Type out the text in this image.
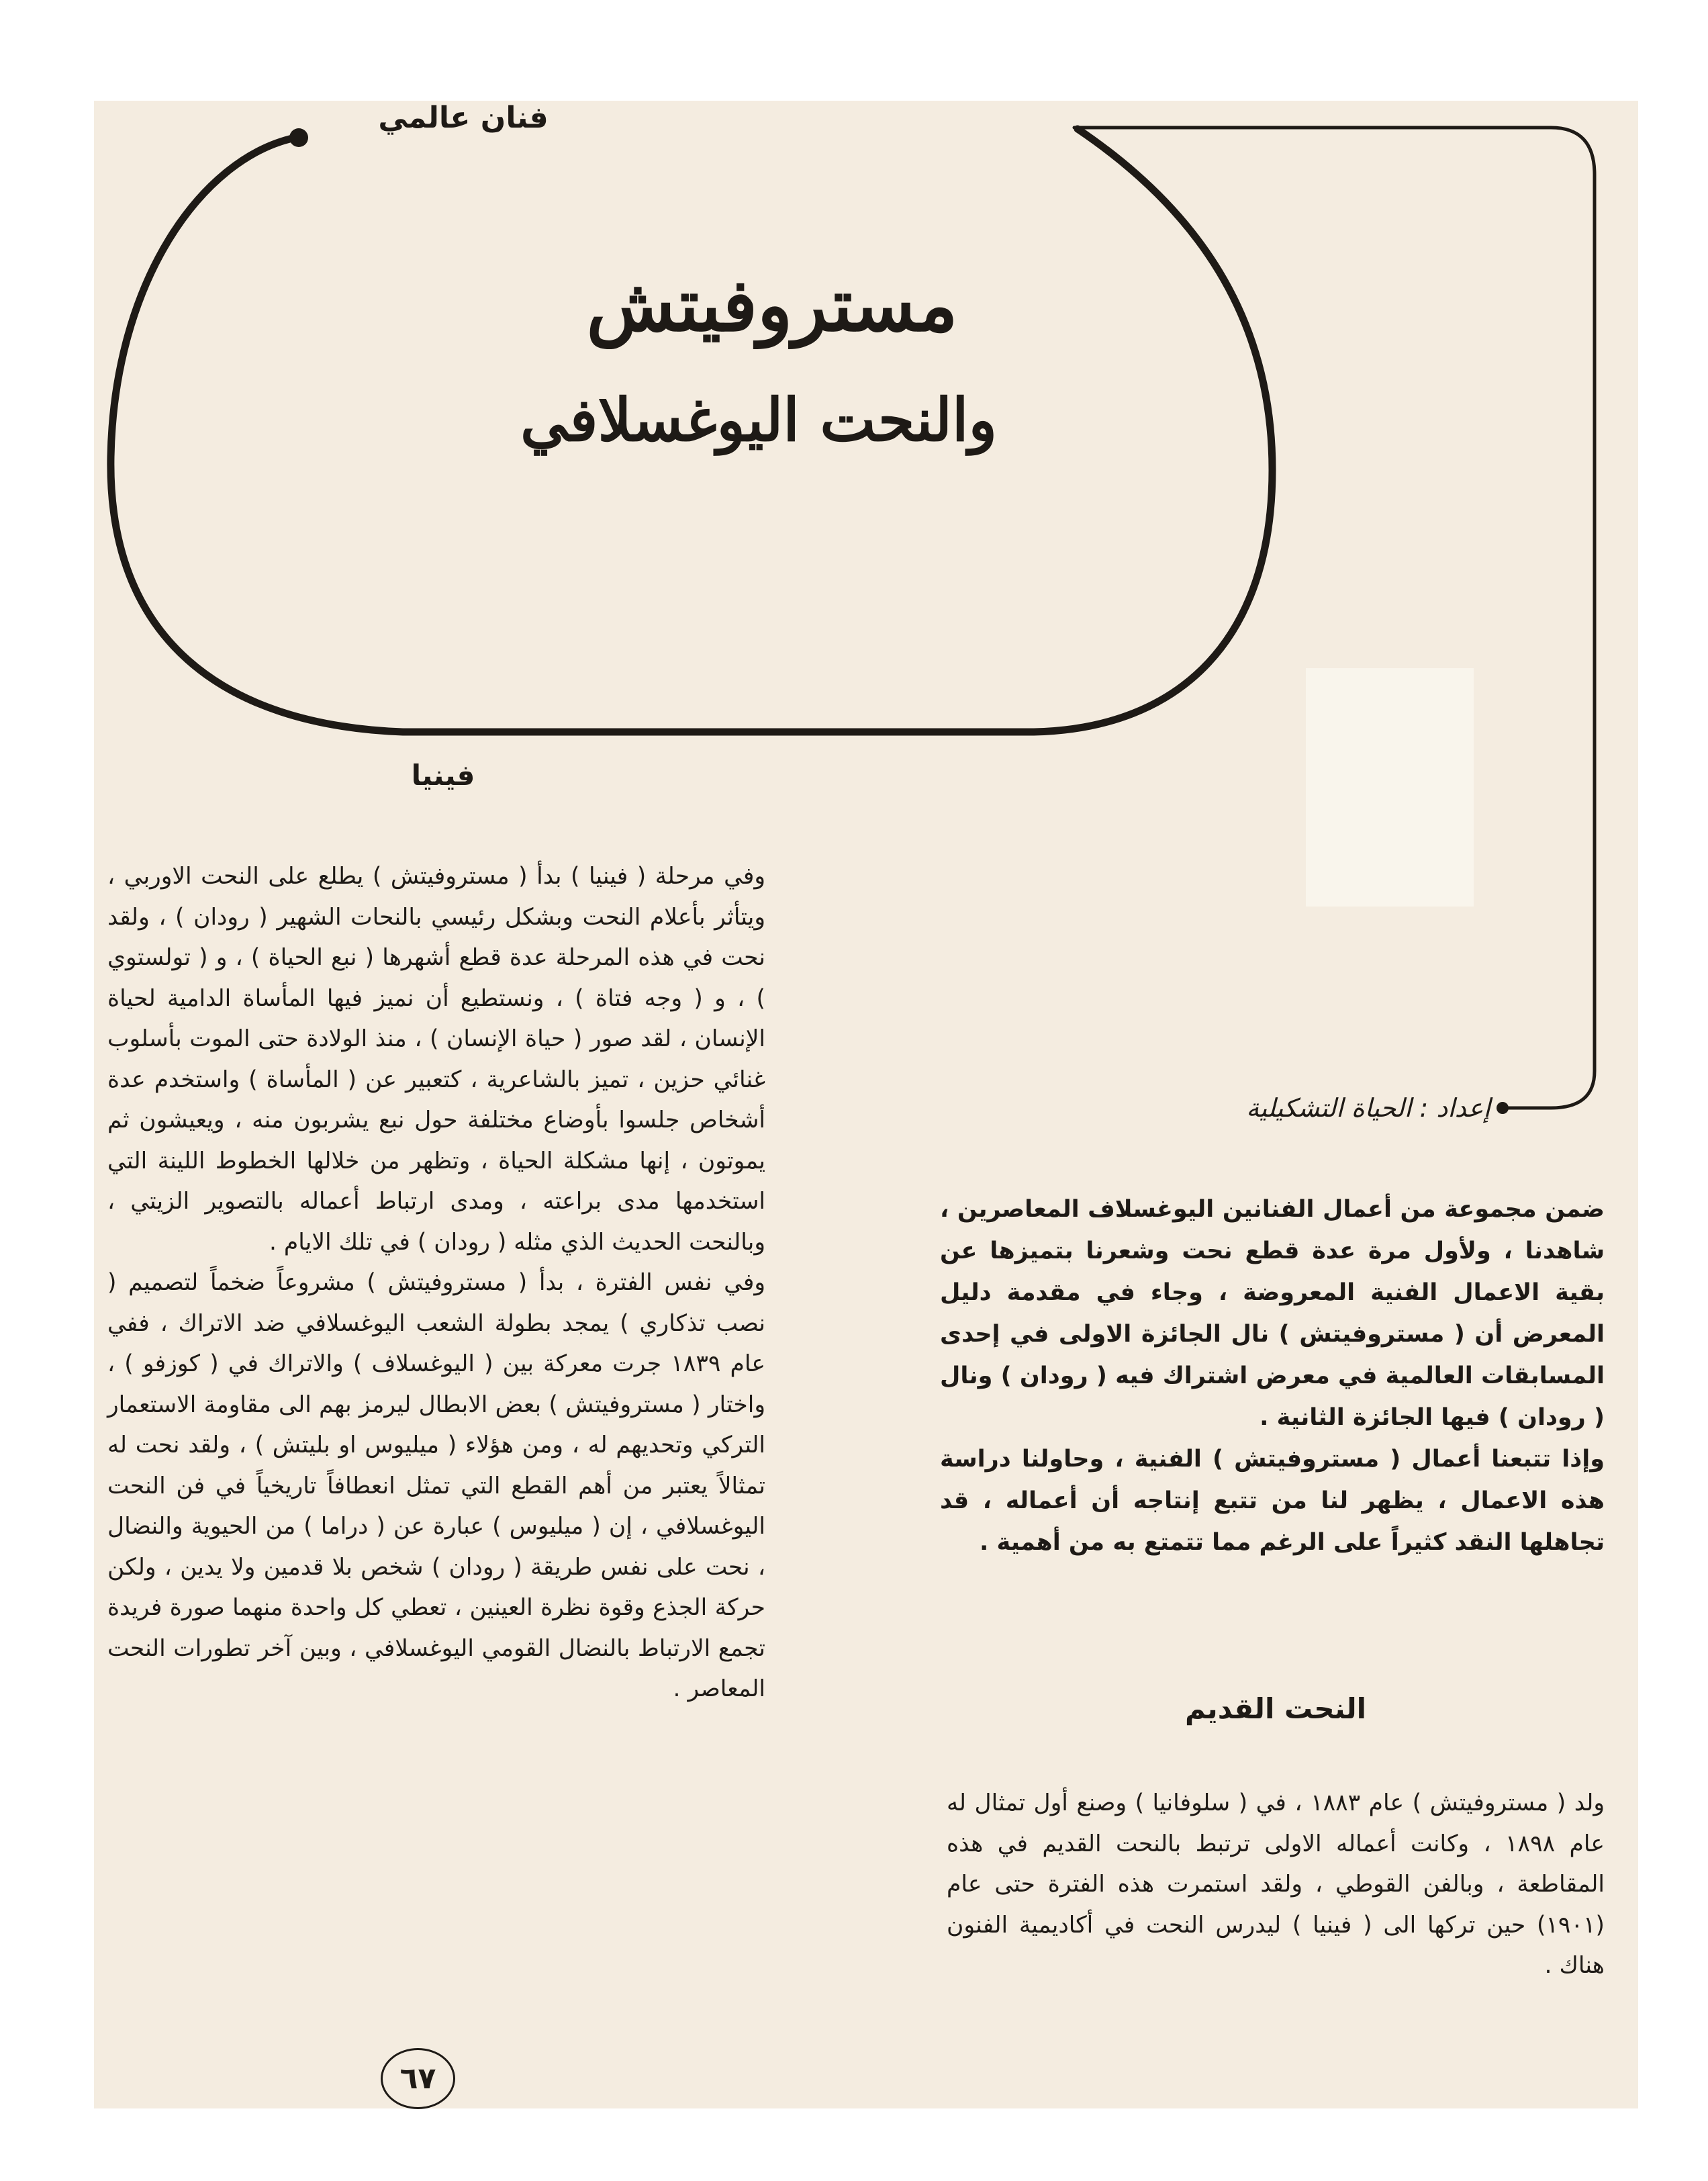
فنان عالمي
مستروفيتش
والنحت اليوغسلافي
إعداد : الحياة التشكيلية
فينيا

وفي مرحلة ( فينيا ) بدأ ( مستروفيتش ) يطلع على النحت الاوربي ، ويتأثر بأعلام النحت وبشكل رئيسي بالنحات الشهير ( رودان ) ، ولقد نحت في هذه المرحلة عدة قطع أشهرها ( نبع الحياة ) ، و ( تولستوي ) ، و ( وجه فتاة ) ، ونستطيع أن نميز فيها المأساة الدامية لحياة الإنسان ، لقد صور ( حياة الإنسان ) ، منذ الولادة حتى الموت بأسلوب غنائي حزين ، تميز بالشاعرية ، كتعبير عن ( المأساة ) واستخدم عدة أشخاص جلسوا بأوضاع مختلفة حول نبع يشربون منه ، ويعيشون ثم يموتون ، إنها مشكلة الحياة ، وتظهر من خلالها الخطوط اللينة التي استخدمها مدى براعته ، ومدى ارتباط أعماله بالتصوير الزيتي ، وبالنحت الحديث الذي مثله ( رودان ) في تلك الايام .

وفي نفس الفترة ، بدأ ( مستروفيتش ) مشروعاً ضخماً لتصميم ( نصب تذكاري ) يمجد بطولة الشعب اليوغسلافي ضد الاتراك ، ففي عام ١٨٣٩ جرت معركة بين ( اليوغسلاف ) والاتراك في ( كوزفو ) ، واختار ( مستروفيتش ) بعض الابطال ليرمز بهم الى مقاومة الاستعمار التركي وتحديهم له ، ومن هؤلاء ( ميليوس او بليتش ) ، ولقد نحت له تمثالاً يعتبر من أهم القطع التي تمثل انعطافاً تاريخياً في فن النحت اليوغسلافي ، إن ( ميليوس ) عبارة عن ( دراما ) من الحيوية والنضال ، نحت على نفس طريقة ( رودان ) شخص بلا قدمين ولا يدين ، ولكن حركة الجذع وقوة نظرة العينين ، تعطي كل واحدة منهما صورة فريدة تجمع الارتباط بالنضال القومي اليوغسلافي ، وبين آخر تطورات النحت المعاصر .

ضمن مجموعة من أعمال الفنانين اليوغسلاف المعاصرين ، شاهدنا ، ولأول مرة عدة قطع نحت وشعرنا بتميزها عن بقية الاعمال الفنية المعروضة ، وجاء في مقدمة دليل المعرض أن ( مستروفيتش ) نال الجائزة الاولى في إحدى المسابقات العالمية في معرض اشتراك فيه ( رودان ) ونال ( رودان ) فيها الجائزة الثانية .

وإذا تتبعنا أعمال ( مستروفيتش ) الفنية ، وحاولنا دراسة هذه الاعمال ، يظهر لنا من تتبع إنتاجه أن أعماله ، قد تجاهلها النقد كثيراً على الرغم مما تتمتع به من أهمية .

النحت القديم

ولد ( مستروفيتش ) عام ١٨٨٣ ، في ( سلوفانيا ) وصنع أول تمثال له عام ١٨٩٨ ، وكانت أعماله الاولى ترتبط بالنحت القديم في هذه المقاطعة ، وبالفن القوطي ، ولقد استمرت هذه الفترة حتى عام (١٩٠١) حين تركها الى ( فينيا ) ليدرس النحت في أكاديمية الفنون هناك .

٦٧
